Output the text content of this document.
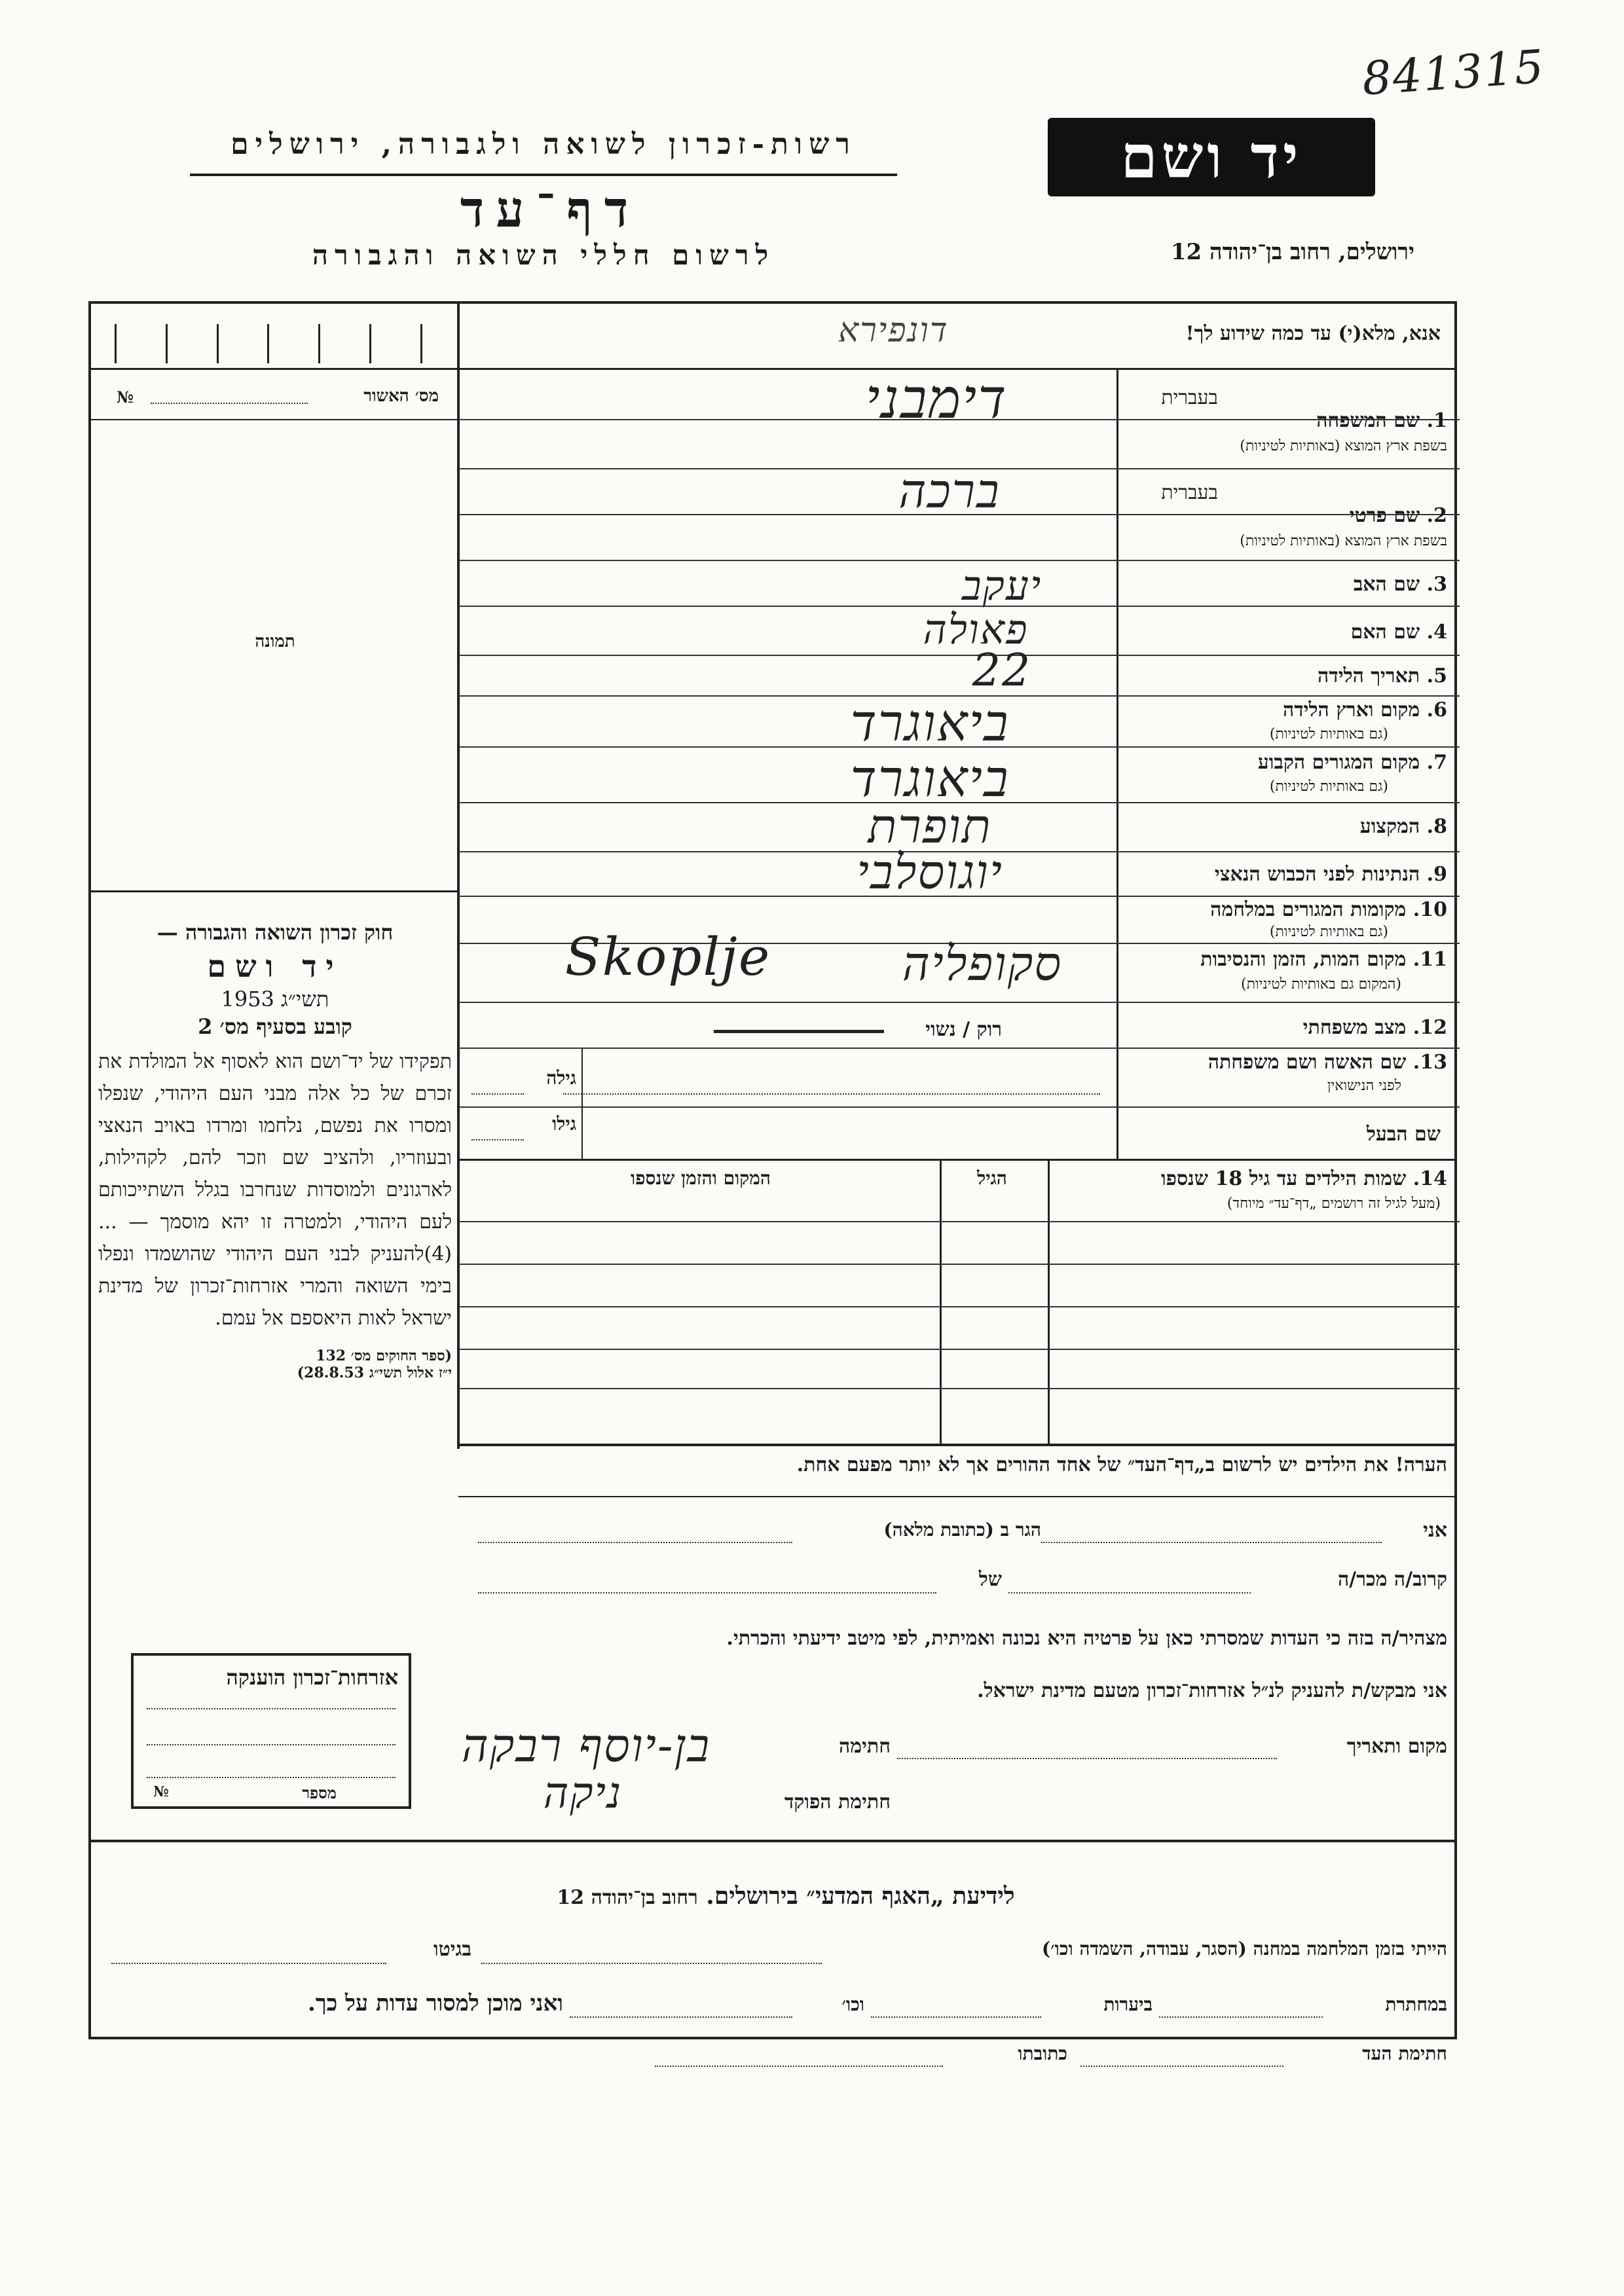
841315
רשות-זכרון לשואה ולגבורה, ירושלים
דף־עד
לרשום חללי השואה והגבורה
יד ושם
ירושלים, רחוב בן־יהודה 12
אנא, מלא(י) עד כמה שידוע לך!
דונפירא
מס׳ האשור
№
תמונה
בעברית
בעברית
1. שם המשפחה
בשפת ארץ המוצא (באותיות לטיניות)
2. שם פרטי
בשפת ארץ המוצא (באותיות לטיניות)
3. שם האב
4. שם האם
5. תאריך הלידה
6. מקום וארץ הלידה
(גם באותיות לטיניות)
7. מקום המגורים הקבוע
(גם באותיות לטיניות)
8. המקצוע
9. הנתינות לפני הכבוש הנאצי
10. מקומות המגורים במלחמה
(גם באותיות לטיניות)
11. מקום המות, הזמן והנסיבות
(המקום גם באותיות לטיניות)
12. מצב משפחתי
13. שם האשה ושם משפחתה
לפני הנישואין
שם הבעל
דימבני
ברכה
יעקב
פאולה
22
ביאוגרד
ביאוגרד
תופרת
יוגוסלבי
סקופליה
Skoplje
רוק / נשוי
גילה
גילו
14. שמות הילדים עד גיל 18 שנספו
(מעל לגיל זה רושמים „דף־עד״ מיוחד)
הגיל
המקום והזמן שנספו
הערה! את הילדים יש לרשום ב„דף־העד״ של אחד ההורים אך לא יותר מפעם אחת.
חוק זכרון השואה והגבורה —
יד ושם
תשי״ג 1953
קובע בסעיף מס׳ 2
תפקידו של יד־ושם הוא לאסוף אל המולדת את זכרם של כל אלה מבני העם היהודי, שנפלו ומסרו את נפשם, נלחמו ומרדו באויב הנאצי ובעוזריו, ולהציב שם וזכר להם, לקהילות, לארגונים ולמוסדות שנחרבו בגלל השתייכותם לעם היהודי, ולמטרה זו יהא מוסמך — ...(4)להעניק לבני העם היהודי שהושמדו ונפלו בימי השואה והמרי אזרחות־זכרון של מדינת ישראל לאות היאספם אל עמם.
(ספר החוקים מס׳ 132
י״ז אלול תשי״ג 28.8.53)
אני
הגר ב (כתובת מלאה)
קרוב/ה מכר/ה
של
מצהיר/ה בזה כי העדות שמסרתי כאן על פרטיה היא נכונה ואמיתית, לפי מיטב ידיעתי והכרתי.
אני מבקש/ת להעניק לנ״ל אזרחות־זכרון מטעם מדינת ישראל.
מקום ותאריך
חתימה
בן-יוסף רבקה
חתימת הפוקד
ניקה
אזרחות־זכרון הוענקה
מספר
№
לידיעת „האגף המדעי״ בירושלים. רחוב בן־יהודה 12
הייתי בזמן המלחמה במחנה (הסגר, עבודה, השמדה וכו׳)
בגיטו
במחתרת
ביערות
וכו׳
ואני מוכן למסור עדות על כך.
חתימת העד
כתובתו
